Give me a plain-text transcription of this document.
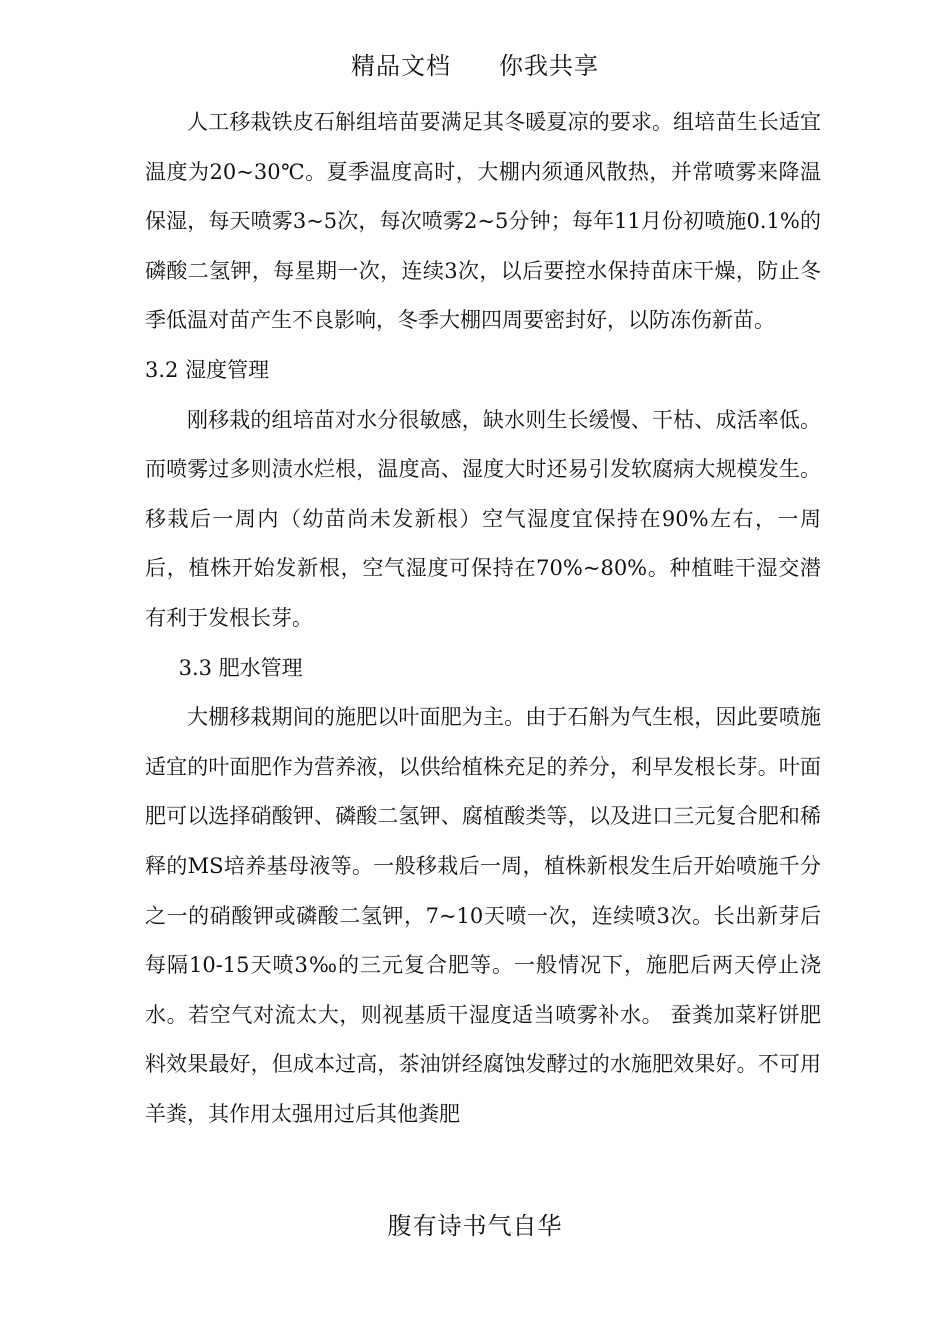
精品文档 你我共享

人工移栽铁皮石斛组培苗要满足其冬暖夏凉的要求。组培苗生长适宜温度为20~30℃。夏季温度高时，大棚内须通风散热，并常喷雾来降温保湿，每天喷雾3~5次，每次喷雾2~5分钟；每年11月份初喷施0.1%的磷酸二氢钾，每星期一次，连续3次，以后要控水保持苗床干燥，防止冬季低温对苗产生不良影响，冬季大棚四周要密封好，以防冻伤新苗。

3.2 湿度管理

刚移栽的组培苗对水分很敏感，缺水则生长缓慢、干枯、成活率低。而喷雾过多则渍水烂根，温度高、湿度大时还易引发软腐病大规模发生。移栽后一周内（幼苗尚未发新根）空气湿度宜保持在90%左右，一周后，植株开始发新根，空气湿度可保持在70%~80%。种植畦干湿交潜有利于发根长芽。

3.3 肥水管理

大棚移栽期间的施肥以叶面肥为主。由于石斛为气生根，因此要喷施适宜的叶面肥作为营养液，以供给植株充足的养分，利早发根长芽。叶面肥可以选择硝酸钾、磷酸二氢钾、腐植酸类等，以及进口三元复合肥和稀释的MS培养基母液等。一般移栽后一周，植株新根发生后开始喷施千分之一的硝酸钾或磷酸二氢钾，7~10天喷一次，连续喷3次。长出新芽后每隔10-15天喷3‰的三元复合肥等。一般情况下，施肥后两天停止浇水。若空气对流太大，则视基质干湿度适当喷雾补水。 蚕粪加菜籽饼肥料效果最好，但成本过高，茶油饼经腐蚀发酵过的水施肥效果好。不可用羊粪，其作用太强用过后其他粪肥

腹有诗书气自华
